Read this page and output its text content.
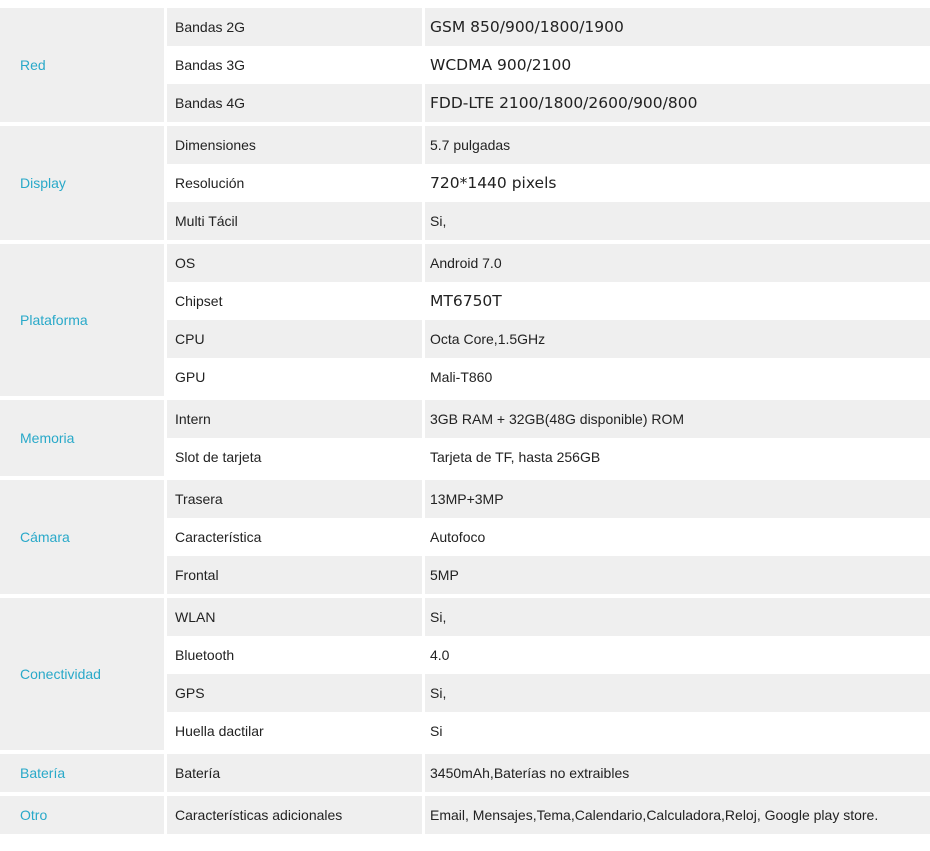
Red
Bandas 2G	GSM 850/900/1800/1900
Bandas 3G	WCDMA 900/2100
Bandas 4G	FDD-LTE 2100/1800/2600/900/800
Display
Dimensiones	5.7 pulgadas
Resolución	720*1440 pixels
Multi Tácil	Si,
Plataforma
OS	Android 7.0
Chipset	MT6750T
CPU	Octa Core,1.5GHz
GPU	Mali-T860
Memoria
Intern	3GB RAM + 32GB(48G disponible) ROM
Slot de tarjeta	Tarjeta de TF, hasta 256GB
Cámara
Trasera	13MP+3MP
Característica	Autofoco
Frontal	5MP
Conectividad
WLAN	Si,
Bluetooth	4.0
GPS	Si,
Huella dactilar	Si
Batería	Batería	3450mAh,Baterías no extraibles
Otro	Características adicionales	Email, Mensajes,Tema,Calendario,Calculadora,Reloj, Google play store.
